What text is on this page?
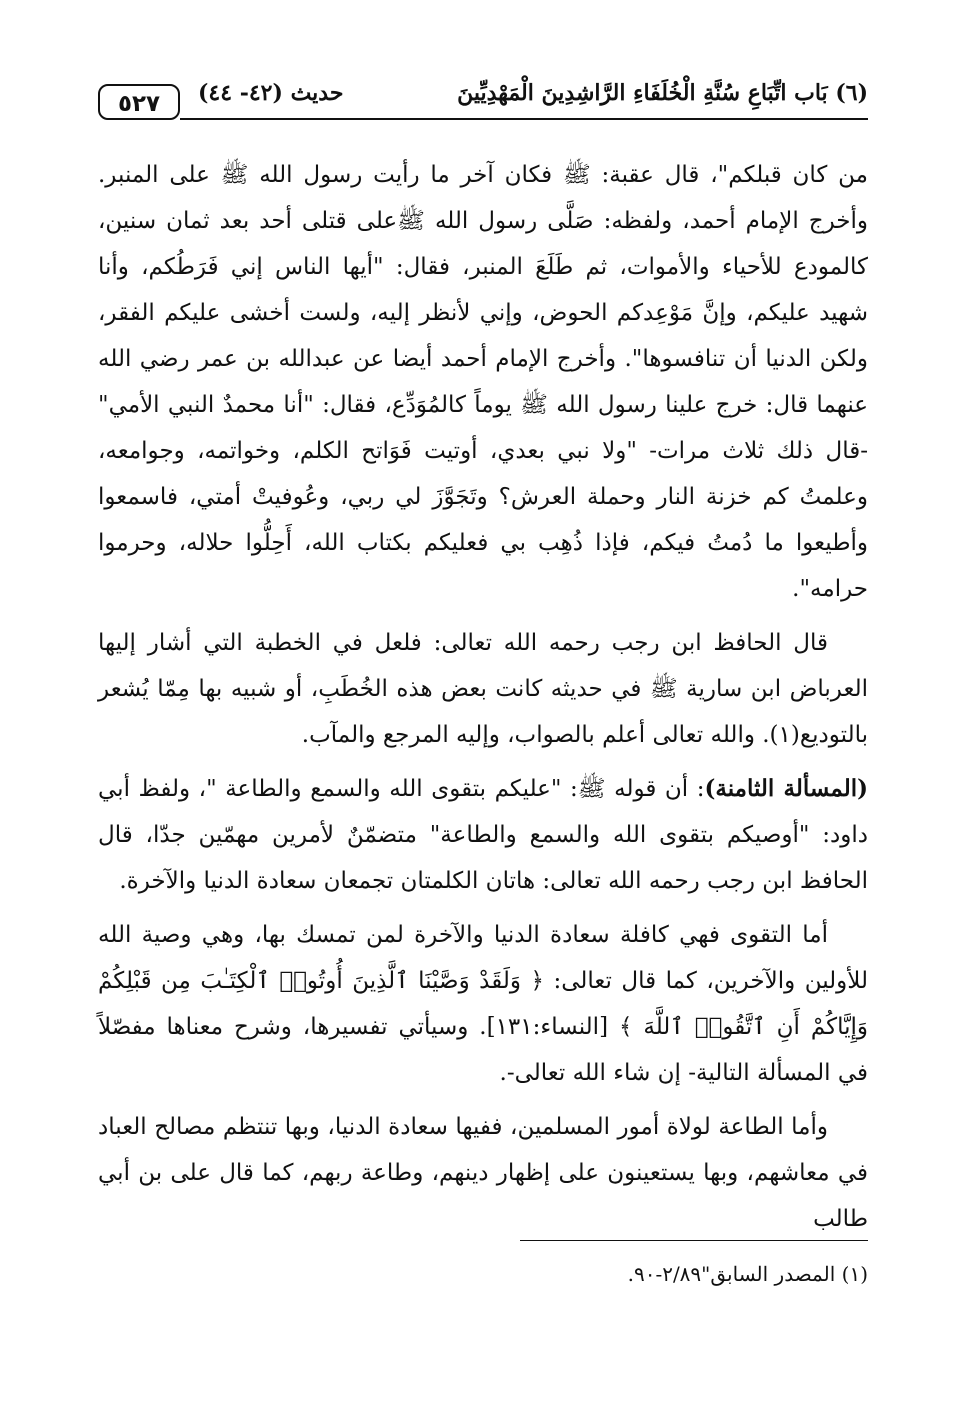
(٦) بَاب اتِّبَاعِ سُنَّةِ الْخُلَفَاءِ الرَّاشِدِينَ الْمَهْدِيِّينَ
حديث (٤٢- ٤٤)
٥٢٧

من كان قبلكم"، قال عقبة: ﷺ فكان آخر ما رأيت رسول الله ﷺ على المنبر. وأخرج الإمام أحمد، ولفظه: صَلَّى رسول الله ﷺعلى قتلى أحد بعد ثمان سنين، كالمودع للأحياء والأموات، ثم طَلَعَ المنبر، فقال: "أيها الناس إني فَرَطُكم، وأنا شهيد عليكم، وإنَّ مَوْعِدكم الحوض، وإني لأنظر إليه، ولست أخشى عليكم الفقر، ولكن الدنيا أن تنافسوها". وأخرج الإمام أحمد أيضا عن عبدالله بن عمر رضي الله عنهما قال: خرج علينا رسول الله ﷺ يوماً كالمُوَدِّع، فقال: "أنا محمدٌ النبي الأمي" -قال ذلك ثلاث مرات- "ولا نبي بعدي، أوتيت فَوَاتح الكلم، وخواتمه، وجوامعه، وعلمتُ كم خزنة النار وحملة العرش؟ وتَجَوَّزَ لي ربي، وعُوفيتْ أمتي، فاسمعوا وأطيعوا ما دُمتُ فيكم، فإذا ذُهِب بي فعليكم بكتاب الله، أَحِلُّوا حلاله، وحرموا حرامه".

قال الحافظ ابن رجب رحمه الله تعالى: فلعل في الخطبة التي أشار إليها العرباض ابن سارية ﷺ في حديثه كانت بعض هذه الخُطَبِ، أو شبيه بها مِمّا يُشعر بالتوديع(١). والله تعالى أعلم بالصواب، وإليه المرجع والمآب.

(المسألة الثامنة): أن قوله ﷺ: "عليكم بتقوى الله والسمع والطاعة "، ولفظ أبي داود: "أوصيكم بتقوى الله والسمع والطاعة" متضمّنٌ لأمرين مهمّين جدّا، قال الحافظ ابن رجب رحمه الله تعالى: هاتان الكلمتان تجمعان سعادة الدنيا والآخرة.

أما التقوى فهي كافلة سعادة الدنيا والآخرة لمن تمسك بها، وهي وصية الله للأولين والآخرين، كما قال تعالى: ﴿ وَلَقَدْ وَصَّيْنَا ٱلَّذِينَ أُوتُوا۟ ٱلْكِتَـٰبَ مِن قَبْلِكُمْ وَإِيَّاكُمْ أَنِ ٱتَّقُوا۟ ٱللَّهَ ﴾ [النساء:١٣١]. وسيأتي تفسيرها، وشرح معناها مفصّلاً في المسألة التالية- إن شاء الله تعالى-.

وأما الطاعة لولاة أمور المسلمين، ففيها سعادة الدنيا، وبها تنتظم مصالح العباد في معاشهم، وبها يستعينون على إظهار دينهم، وطاعة ربهم، كما قال على بن أبي طالب

(١) المصدر السابق"٢/٨٩-٩٠.
